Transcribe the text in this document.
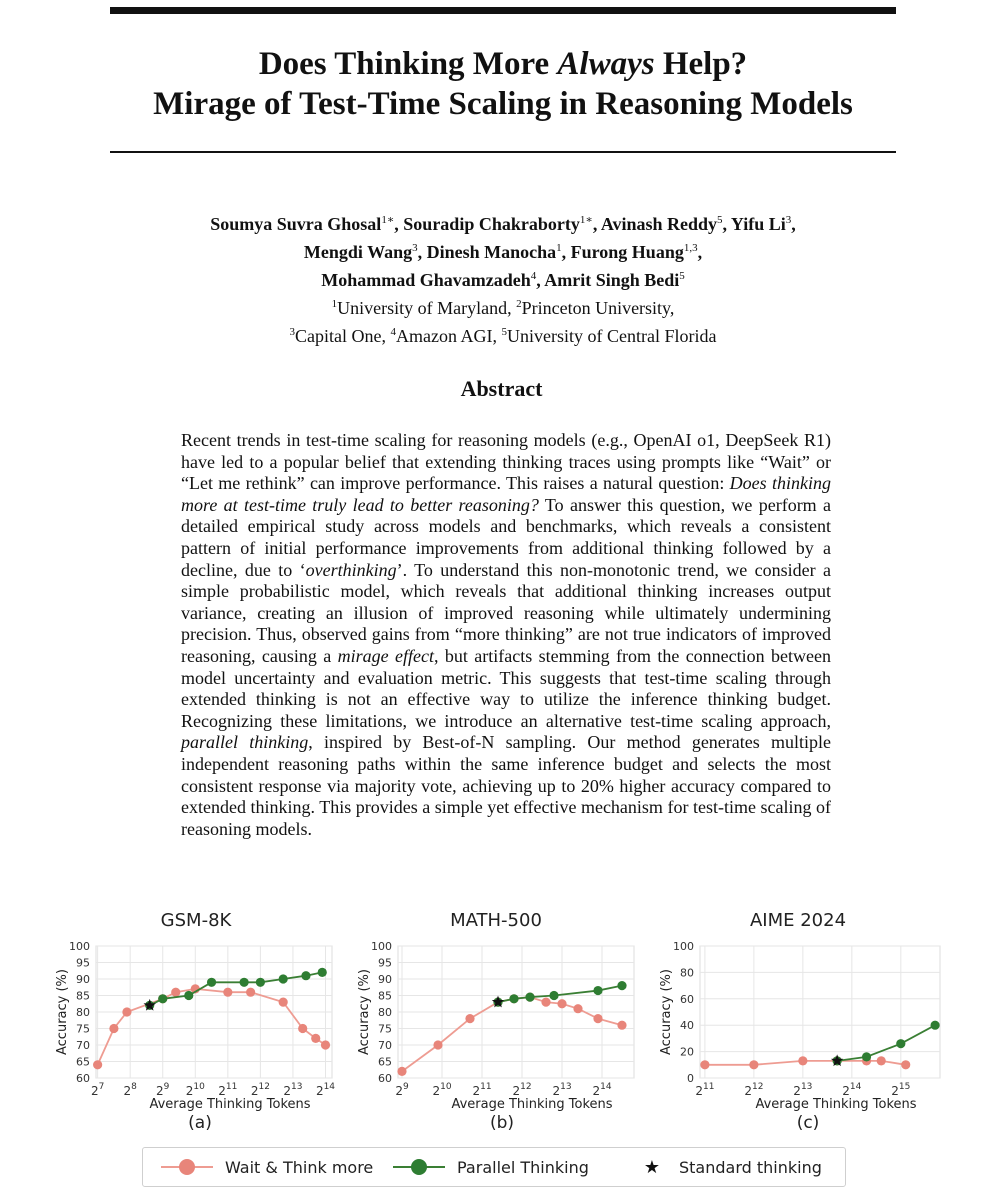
Does Thinking More Always Help?
Mirage of Test-Time Scaling in Reasoning Models
Soumya Suvra Ghosal$^{1∗}$, Souradip Chakraborty$^{1∗}$, Avinash Reddy$^5$, Yifu Li$^3$,
Mengdi Wang$^3$, Dinesh Manocha$^1$, Furong Huang$^{1,3}$,
Mohammad Ghavamzadeh$^4$, Amrit Singh Bedi$^5$
$^1$University of Maryland, $^2$Princeton University,
$^3$Capital One, $^4$Amazon AGI, $^5$University of Central Florida
Abstract

Recent trends in test-time scaling for reasoning models (e.g., OpenAI o1, DeepSeek R1) have led to a popular belief that extending thinking traces using prompts like “Wait” or “Let me rethink” can improve performance. This raises a natural question: Does thinking more at test-time truly lead to better reasoning? To answer this question, we perform a detailed empirical study across models and benchmarks, which reveals a consistent pattern of initial performance improvements from additional thinking followed by a decline, due to ‘overthinking’. To understand this non-monotonic trend, we consider a simple probabilistic model, which reveals that additional thinking increases output variance, creating an illusion of improved reasoning while ultimately undermining precision. Thus, observed gains from “more thinking” are not true indicators of improved reasoning, causing a mirage effect, but artifacts stemming from the connection between model uncertainty and evaluation metric. This suggests that test-time scaling through extended thinking is not an effective way to utilize the inference thinking budget. Recognizing these limitations, we introduce an alternative test-time scaling approach, parallel thinking, inspired by Best-of-N sampling. Our method generates multiple independent reasoning paths within the same inference budget and selects the most consistent response via majority vote, achieving up to 20% higher accuracy compared to extended thinking. This provides a simple yet effective mechanism for test-time scaling of reasoning models.

GSM-8K
60
65
70
75
80
85
90
95
100
$2^7$ $2^8$ $2^9$ $2^{10}$ $2^{11}$ $2^{12}$ $2^{13}$ $2^{14}$
Average Thinking Tokens
Accuracy (%)
(a)
MATH-500
60
65
70
75
80
85
90
95
100
$2^9$ $2^{10}$ $2^{11}$ $2^{12}$ $2^{13}$ $2^{14}$
Average Thinking Tokens
Accuracy (%)
(b)
AIME 2024
0
20
40
60
80
100
$2^{11}$ $2^{12}$ $2^{13}$ $2^{14}$ $2^{15}$
Average Thinking Tokens
Accuracy (%)
(c)
Wait & Think more	Parallel Thinking	★ Standard thinking
